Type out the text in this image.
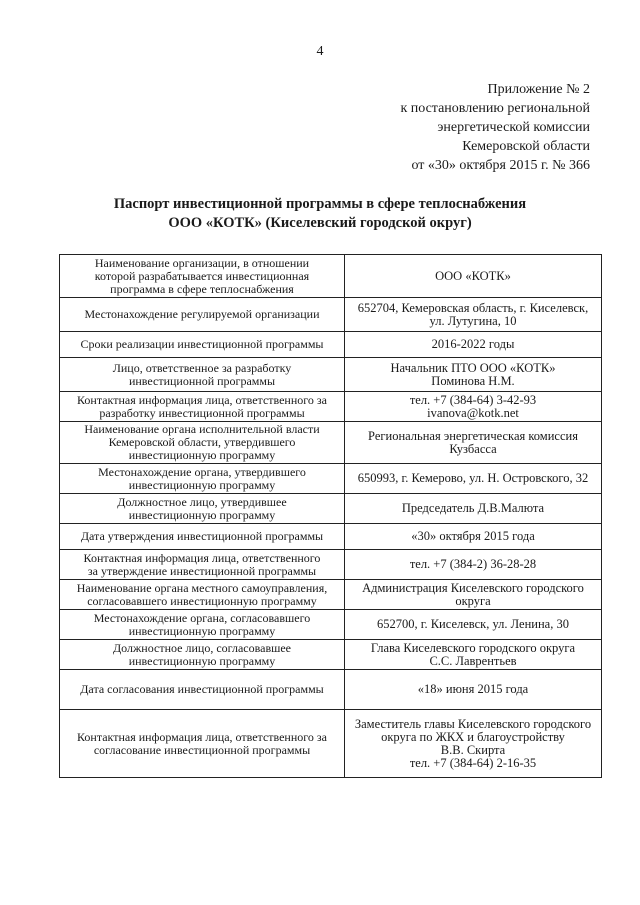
4
Приложение № 2
к постановлению региональной
энергетической комиссии
Кемеровской области
от «30» октября 2015 г. № 366
Паспорт инвестиционной программы в сфере теплоснабжения
ООО «КОТК» (Киселевский городской округ)
Наименование организации, в отношении
которой разрабатывается инвестиционная
программа в сфере теплоснабжения	ООО «КОТК»

Местонахождение регулируемой организации	652704, Кемеровская область, г. Киселевск,
ул. Лутугина, 10

Сроки реализации инвестиционной программы	2016-2022 годы

Лицо, ответственное за разработку
инвестиционной программы	Начальник ПТО ООО «КОТК»
Поминова Н.М.

Контактная информация лица, ответственного за
разработку инвестиционной программы	тел. +7 (384-64) 3-42-93
ivanova@kotk.net

Наименование органа исполнительной власти
Кемеровской области, утвердившего
инвестиционную программу	Региональная энергетическая комиссия
Кузбасса

Местонахождение органа, утвердившего
инвестиционную программу	650993, г. Кемерово, ул. Н. Островского, 32

Должностное лицо, утвердившее
инвестиционную программу	Председатель Д.В.Малюта

Дата утверждения инвестиционной программы	«30» октября 2015 года

Контактная информация лица, ответственного
за утверждение инвестиционной программы	тел. +7 (384-2) 36-28-28

Наименование органа местного самоуправления,
согласовавшего инвестиционную программу	Администрация Киселевского городского
округа

Местонахождение органа, согласовавшего
инвестиционную программу	652700, г. Киселевск, ул. Ленина, 30

Должностное лицо, согласовавшее
инвестиционную программу	Глава Киселевского городского округа
С.С. Лаврентьев

Дата согласования инвестиционной программы	«18» июня 2015 года

Контактная информация лица, ответственного за
согласование инвестиционной программы	Заместитель главы Киселевского городского
округа по ЖКХ и благоустройству
В.В. Скирта
тел. +7 (384-64) 2-16-35
